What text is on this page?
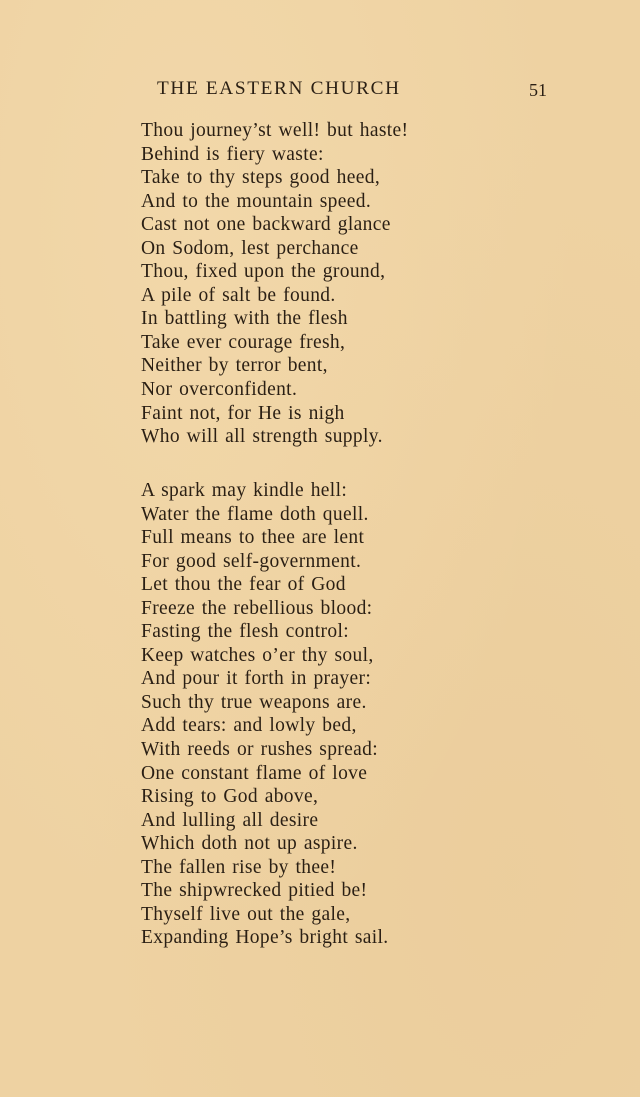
THE EASTERN CHURCH	51
Thou journey’st well! but haste!
Behind is fiery waste:
Take to thy steps good heed,
And to the mountain speed.
Cast not one backward glance
On Sodom, lest perchance
Thou, fixed upon the ground,
A pile of salt be found.
In battling with the flesh
Take ever courage fresh,
Neither by terror bent,
Nor overconfident.
Faint not, for He is nigh
Who will all strength supply.
A spark may kindle hell:
Water the flame doth quell.
Full means to thee are lent
For good self-government.
Let thou the fear of God
Freeze the rebellious blood:
Fasting the flesh control:
Keep watches o’er thy soul,
And pour it forth in prayer:
Such thy true weapons are.
Add tears: and lowly bed,
With reeds or rushes spread:
One constant flame of love
Rising to God above,
And lulling all desire
Which doth not up aspire.
The fallen rise by thee!
The shipwrecked pitied be!
Thyself live out the gale,
Expanding Hope’s bright sail.
